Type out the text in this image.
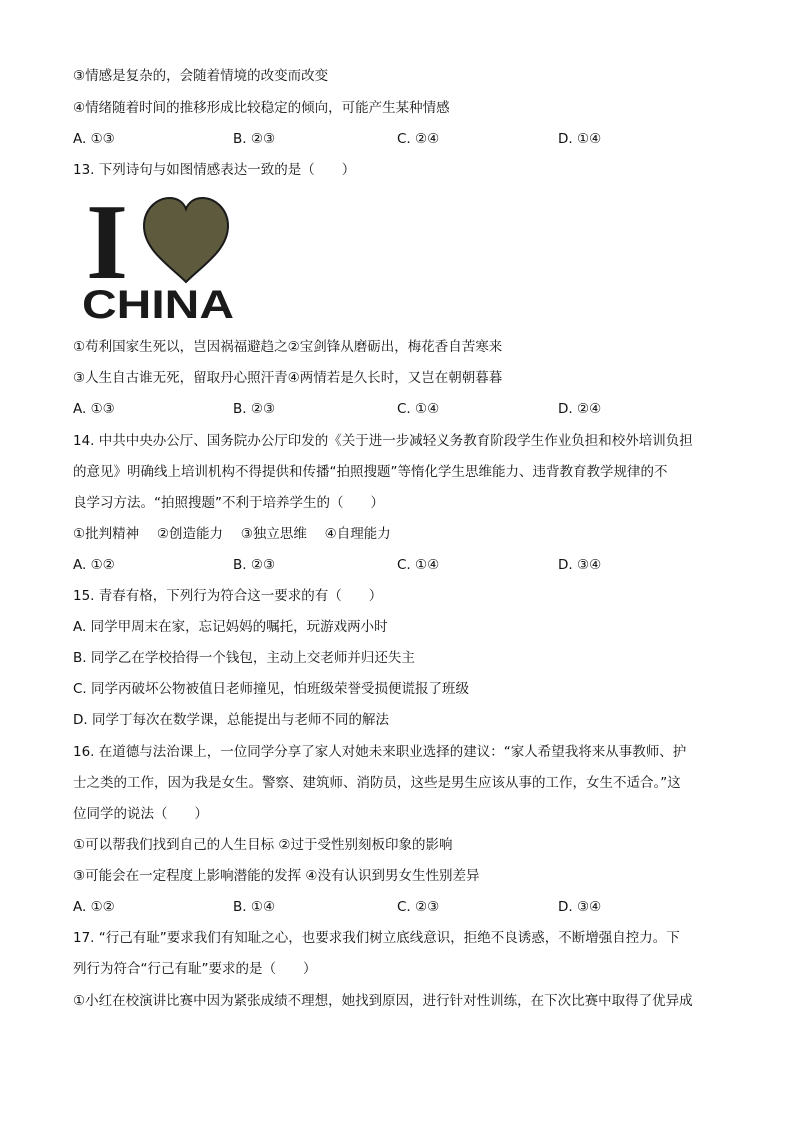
③情感是复杂的，会随着情境的改变而改变
④情绪随着时间的推移形成比较稳定的倾向，可能产生某种情感
A. ①③	B. ②③	C. ②④	D. ①④
13. 下列诗句与如图情感表达一致的是（　　）
I
CHINA
①苟利国家生死以，岂因祸福避趋之②宝剑锋从磨砺出，梅花香自苦寒来
③人生自古谁无死，留取丹心照汗青④两情若是久长时，又岂在朝朝暮暮
A. ①③	B. ②③	C. ①④	D. ②④
14. 中共中央办公厅、国务院办公厅印发的《关于进一步减轻义务教育阶段学生作业负担和校外培训负担
的意见》明确线上培训机构不得提供和传播“拍照搜题”等惰化学生思维能力、违背教育教学规律的不
良学习方法。“拍照搜题”不利于培养学生的（　　）
①批判精神　 ②创造能力　 ③独立思维　 ④自理能力
A. ①②	B. ②③	C. ①④	D. ③④
15. 青春有格，下列行为符合这一要求的有（　　）
A. 同学甲周末在家，忘记妈妈的嘱托，玩游戏两小时
B. 同学乙在学校拾得一个钱包，主动上交老师并归还失主
C. 同学丙破坏公物被值日老师撞见，怕班级荣誉受损便谎报了班级
D. 同学丁每次在数学课，总能提出与老师不同的解法
16. 在道德与法治课上，一位同学分享了家人对她未来职业选择的建议：“家人希望我将来从事教师、护
士之类的工作，因为我是女生。警察、建筑师、消防员，这些是男生应该从事的工作，女生不适合。”这
位同学的说法（　　）
①可以帮我们找到自己的人生目标 ②过于受性别刻板印象的影响
③可能会在一定程度上影响潜能的发挥 ④没有认识到男女生性别差异
A. ①②	B. ①④	C. ②③	D. ③④
17. “行己有耻”要求我们有知耻之心，也要求我们树立底线意识，拒绝不良诱惑，不断增强自控力。下
列行为符合“行己有耻”要求的是（　　）
①小红在校演讲比赛中因为紧张成绩不理想，她找到原因，进行针对性训练，在下次比赛中取得了优异成
